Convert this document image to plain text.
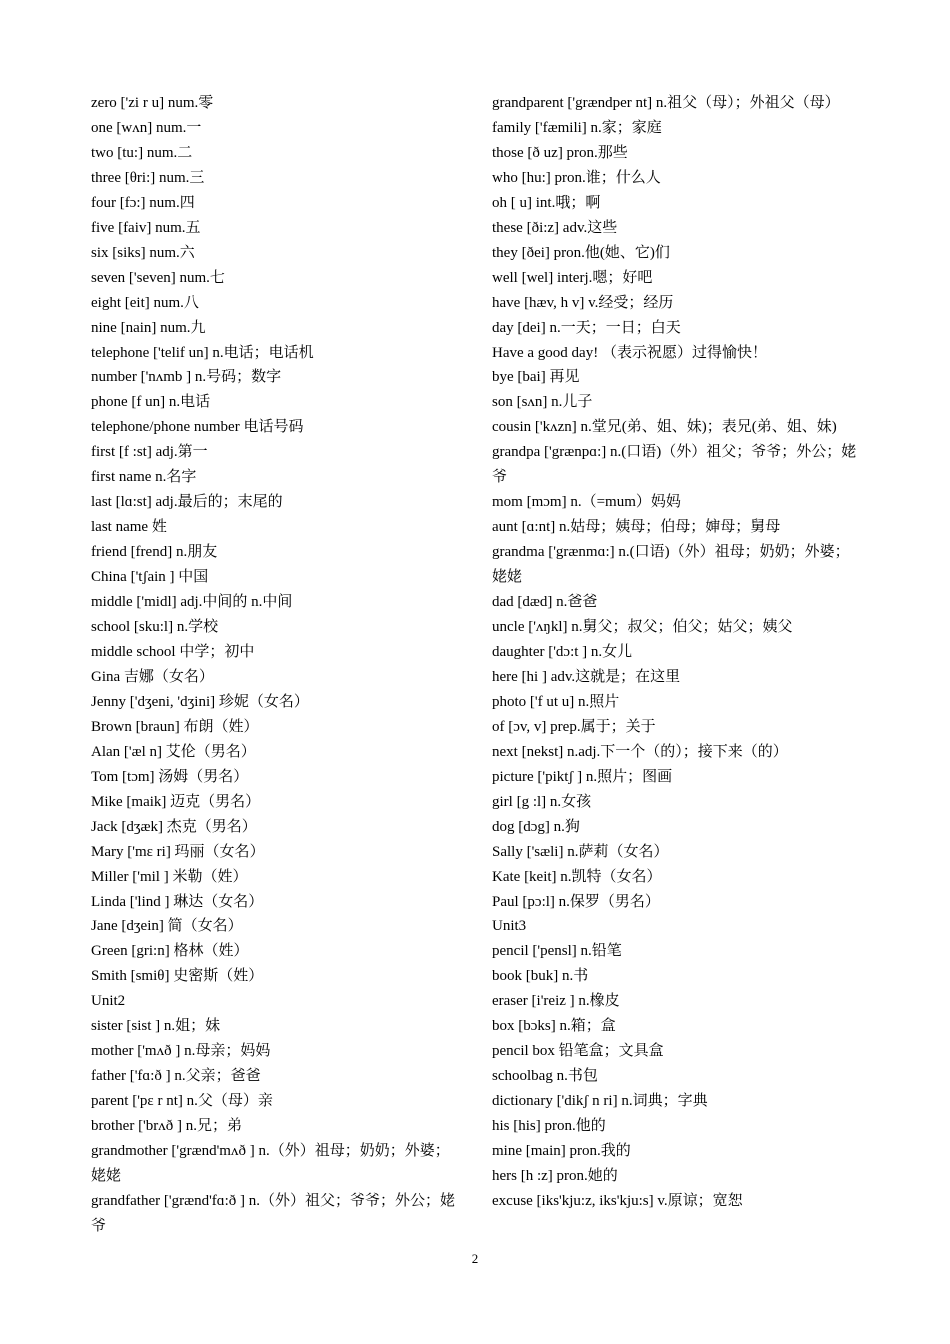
zero ['zi r u] num.零
one [wʌn] num.一
two [tu:] num.二
three [θri:] num.三
four [fɔ:] num.四
five [faiv] num.五
six [siks] num.六
seven ['seven] num.七
eight [eit] num.八
nine [nain] num.九
telephone ['telif un] n.电话；电话机
number ['nʌmb ] n.号码；数字
phone [f un] n.电话
telephone/phone number 电话号码
first [f :st] adj.第一
first name n.名字
last [lɑ:st] adj.最后的；末尾的
last name 姓
friend [frend] n.朋友
China ['tʃain ] 中国
middle ['midl] adj.中间的 n.中间
school [sku:l] n.学校
middle school 中学；初中
Gina 吉娜（女名）
Jenny ['dʒeni, 'dʒini] 珍妮（女名）
Brown [braun] 布朗（姓）
Alan ['æl n] 艾伦（男名）
Tom [tɔm] 汤姆（男名）
Mike [maik] 迈克（男名）
Jack [dʒæk] 杰克（男名）
Mary ['mε ri] 玛丽（女名）
Miller ['mil ] 米勒（姓）
Linda ['lind ] 琳达（女名）
Jane [dʒein] 简（女名）
Green [gri:n] 格林（姓）
Smith [smiθ] 史密斯（姓）
Unit2
sister [sist ] n.姐；妹
mother ['mʌð ] n.母亲；妈妈
father ['fɑ:ð ] n.父亲；爸爸
parent ['pε r nt] n.父（母）亲
brother ['brʌð ] n.兄；弟
grandmother ['grænd'mʌð ] n.（外）祖母；奶奶；外婆；姥姥
grandfather ['grænd'fɑ:ð ] n.（外）祖父；爷爷；外公；姥爷
grandparent ['grændper nt] n.祖父（母）；外祖父（母）
family ['fæmili] n.家；家庭
those [ð uz] pron.那些
who [hu:] pron.谁；什么人
oh [ u] int.哦；啊
these [ði:z] adv.这些
they [ðei] pron.他(她、它)们
well [wel] interj.嗯；好吧
have [hæv, h v] v.经受；经历
day [dei] n.一天；一日；白天
Have a good day! （表示祝愿）过得愉快！
bye [bai] 再见
son [sʌn] n.儿子
cousin ['kʌzn] n.堂兄(弟、姐、妹)；表兄(弟、姐、妹)
grandpa ['grænpɑ:] n.(口语)（外）祖父；爷爷；外公；姥爷
mom [mɔm] n.（=mum）妈妈
aunt [ɑ:nt] n.姑母；姨母；伯母；婶母；舅母
grandma ['grænmɑ:] n.(口语)（外）祖母；奶奶；外婆；姥姥
dad [dæd] n.爸爸
uncle ['ʌŋkl] n.舅父；叔父；伯父；姑父；姨父
daughter ['dɔ:t ] n.女儿
here [hi ] adv.这就是；在这里
photo ['f ut u] n.照片
of [ɔv, v] prep.属于；关于
next [nekst] n.adj.下一个（的）；接下来（的）
picture ['piktʃ ] n.照片；图画
girl [g :l] n.女孩
dog [dɔg] n.狗
Sally ['sæli] n.萨莉（女名）
Kate [keit] n.凯特（女名）
Paul [pɔ:l] n.保罗（男名）
Unit3
pencil ['pensl] n.铅笔
book [buk] n.书
eraser [i'reiz ] n.橡皮
box [bɔks] n.箱；盒
pencil box 铅笔盒；文具盒
schoolbag n.书包
dictionary ['dikʃ n ri] n.词典；字典
his [his] pron.他的
mine [main] pron.我的
hers [h :z] pron.她的
excuse [iks'kju:z, iks'kju:s] v.原谅；宽恕
2
